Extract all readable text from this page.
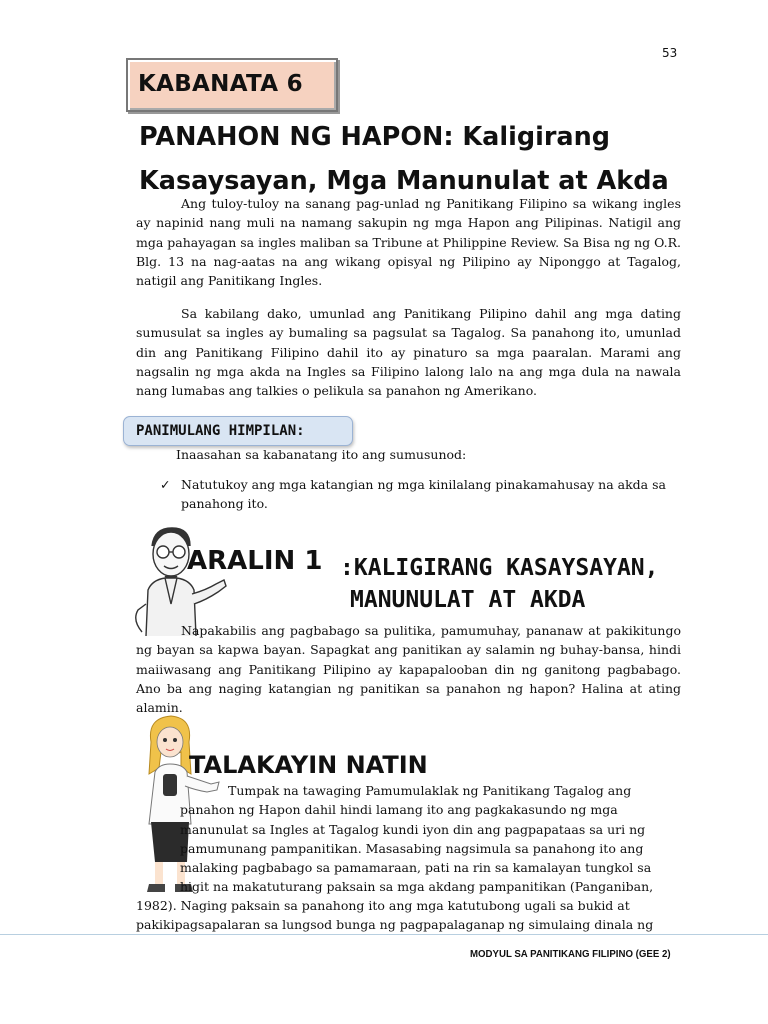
53
KABANATA 6
PANAHON NG HAPON: Kaligirang
Kasaysayan, Mga Manunulat at Akda

Ang tuloy-tuloy na sanang pag-unlad ng Panitikang Filipino sa wikang ingles ay napinid nang muli na namang sakupin ng mga Hapon ang Pilipinas. Natigil ang mga pahayagan sa ingles maliban sa Tribune at Philippine Review. Sa Bisa ng ng O.R. Blg. 13 na nag-aatas na ang wikang opisyal ng Pilipino ay Niponggo at Tagalog, natigil ang Panitikang Ingles.

Sa kabilang dako, umunlad ang Panitikang Pilipino dahil ang mga dating sumusulat sa ingles ay bumaling sa pagsulat sa Tagalog. Sa panahong ito, umunlad din ang Panitikang Filipino dahil ito ay pinaturo sa mga paaralan. Marami ang nagsalin ng mga akda na Ingles sa Filipino lalong lalo na ang mga dula na nawala nang lumabas ang talkies o pelikula sa panahon ng Amerikano.

PANIMULANG HIMPILAN:
Inaasahan sa kabanatang ito ang sumusunod:
✓ Natutukoy ang mga katangian ng mga kinilalang pinakamahusay na akda sa panahong ito.
ARALIN 1 :KALIGIRANG KASAYSAYAN,
MANUNULAT AT AKDA

Napakabilis ang pagbabago sa pulitika, pamumuhay, pananaw at pakikitungo ng bayan sa kapwa bayan. Sapagkat ang panitikan ay salamin ng buhay-bansa, hindi maiiwasang ang Panitikang Pilipino ay kapapalooban din ng ganitong pagbabago. Ano ba ang naging katangian ng panitikan sa panahon ng hapon? Halina at ating alamin.

TALAKAYIN NATIN
Tumpak na tawaging Pamumulaklak ng Panitikang Tagalog ang
panahon ng Hapon dahil hindi lamang ito ang pagkakasundo ng mga
manunulat sa Ingles at Tagalog kundi iyon din ang pagpapataas sa uri ng
pamumunang pampanitikan. Masasabing nagsimula sa panahong ito ang
malaking pagbabago sa pamamaraan, pati na rin sa kamalayan tungkol sa
higit na makatuturang paksain sa mga akdang pampanitikan (Panganiban,
1982). Naging paksain sa panahong ito ang mga katutubong ugali sa bukid at
pakikipagsapalaran sa lungsod bunga ng pagpapalaganap ng simulaing dinala ng
MODYUL SA PANITIKANG FILIPINO (GEE 2)
